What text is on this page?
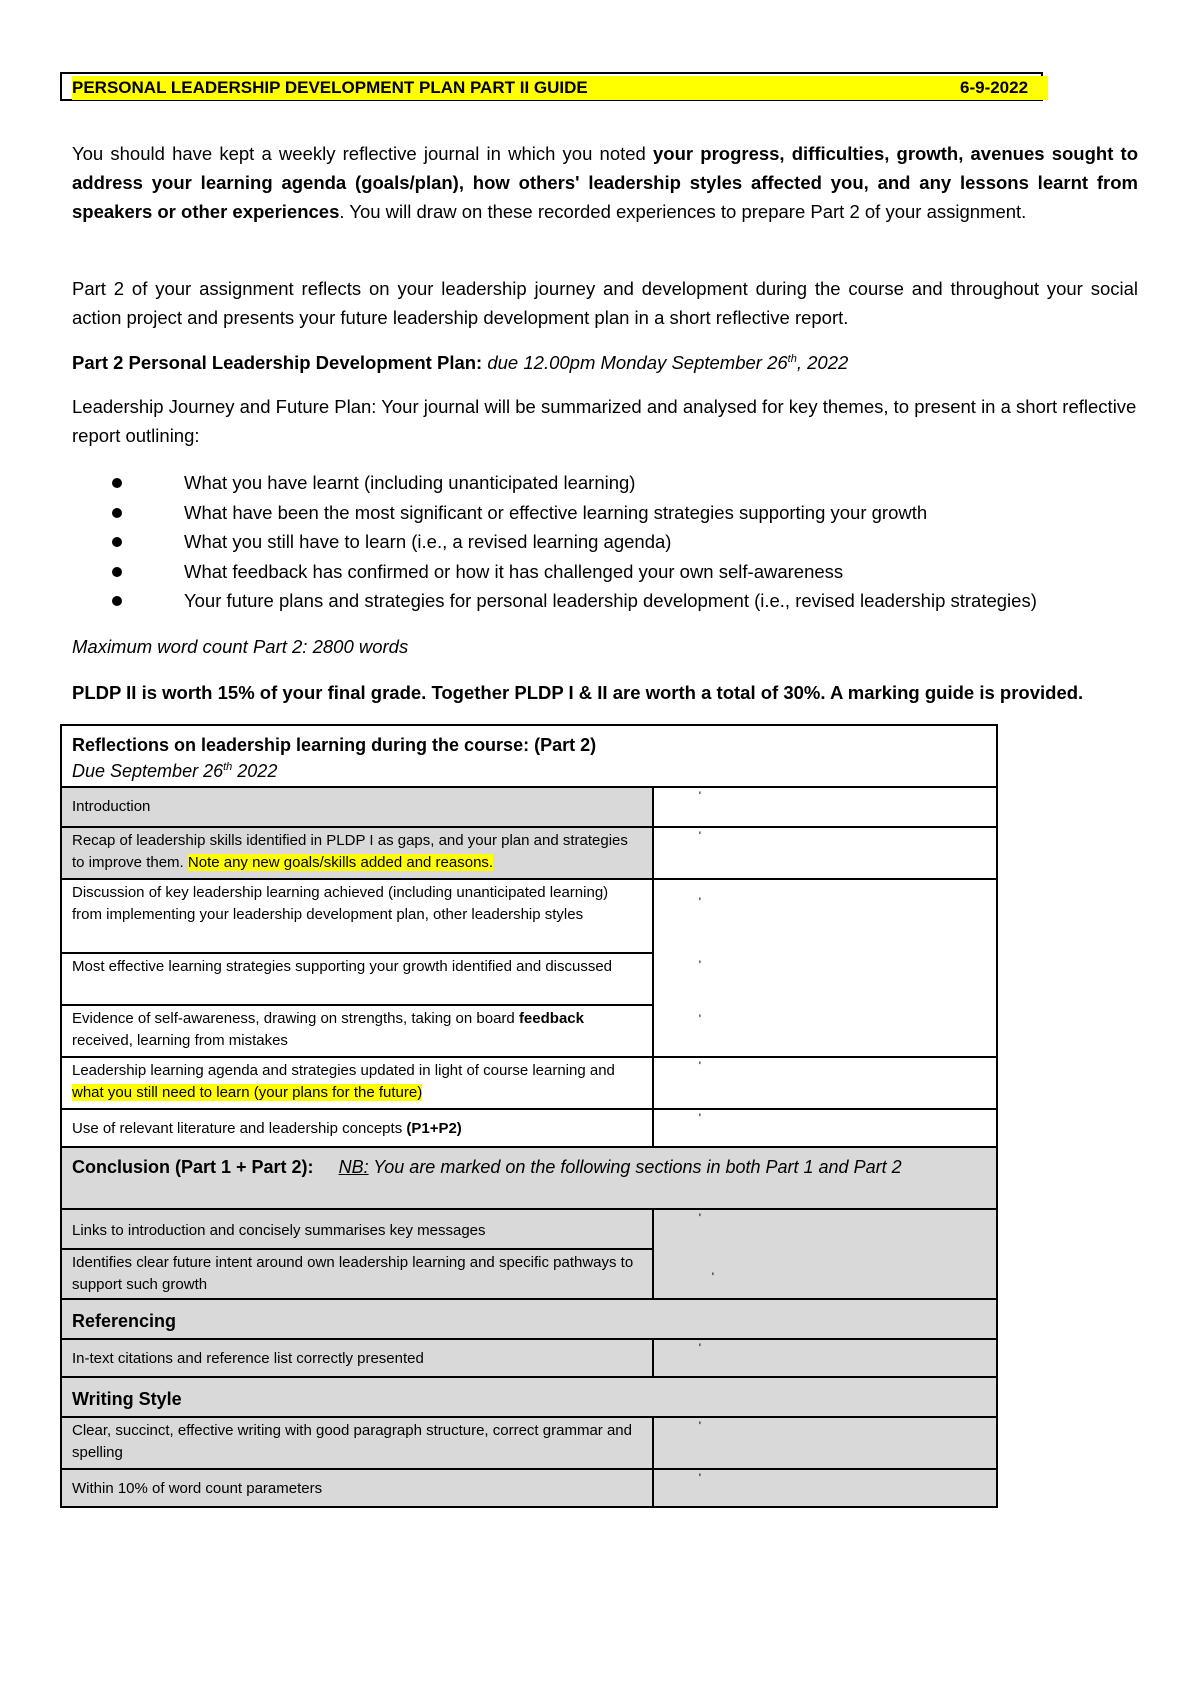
PERSONAL LEADERSHIP DEVELOPMENT PLAN PART II GUIDE	6-9-2022
You should have kept a weekly reflective journal in which you noted your progress, difficulties, growth, avenues sought to address your learning agenda (goals/plan), how others' leadership styles affected you, and any lessons learnt from speakers or other experiences. You will draw on these recorded experiences to prepare Part 2 of your assignment.
Part 2 of your assignment reflects on your leadership journey and development during the course and throughout your social action project and presents your future leadership development plan in a short reflective report.
Part 2 Personal Leadership Development Plan: due 12.00pm Monday September 26th, 2022
Leadership Journey and Future Plan: Your journal will be summarized and analysed for key themes, to present in a short reflective report outlining:
What you have learnt (including unanticipated learning)
What have been the most significant or effective learning strategies supporting your growth
What you still have to learn (i.e., a revised learning agenda)
What feedback has confirmed or how it has challenged your own self-awareness
Your future plans and strategies for personal leadership development (i.e., revised leadership strategies)
Maximum word count Part 2: 2800 words
PLDP II is worth 15% of your final grade. Together PLDP I & II are worth a total of 30%. A marking guide is provided.
Reflections on leadership learning during the course: (Part 2)
Due September 26th 2022	

Introduction	'

Recap of leadership skills identified in PLDP I as gaps, and your plan and strategies to improve them. Note any new goals/skills added and reasons.	'

Discussion of key leadership learning achieved (including unanticipated learning) from implementing your leadership development plan, other leadership styles	'

Most effective learning strategies supporting your growth identified and discussed	'

Evidence of self-awareness, drawing on strengths, taking on board feedback received, learning from mistakes	'

Leadership learning agenda and strategies updated in light of course learning and what you still need to learn (your plans for the future)	'

Use of relevant literature and leadership concepts (P1+P2)	'

Conclusion (Part 1 + Part 2): NB: You are marked on the following sections in both Part 1 and Part 2	
Links to introduction and concisely summarises key messages	'

Identifies clear future intent around own leadership learning and specific pathways to support such growth	'

Referencing	
In-text citations and reference list correctly presented	'

Writing Style	
Clear, succinct, effective writing with good paragraph structure, correct grammar and spelling	'

Within 10% of word count parameters	'
